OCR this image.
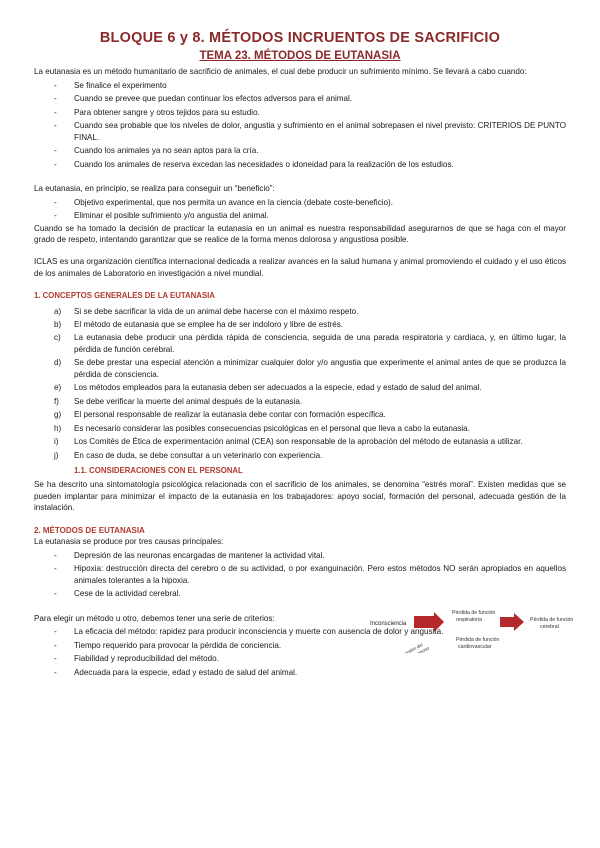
BLOQUE 6 y 8. MÉTODOS INCRUENTOS DE SACRIFICIO
TEMA 23. MÉTODOS DE EUTANASIA

La eutanasia es un método humanitario de sacrificio de animales, el cual debe producir un sufrimiento mínimo. Se llevará a cabo cuando:

- Se finalice el experimento
- Cuando se prevee que puedan continuar los efectos adversos para el animal.
- Para obtener sangre y otros tejidos para su estudio.
- Cuando sea probable que los niveles de dolor, angustia y sufrimiento en el animal sobrepasen el nivel previsto: CRITERIOS DE PUNTO FINAL.
- Cuando los animales ya no sean aptos para la cría.
- Cuando los animales de reserva excedan las necesidades o idoneidad para la realización de los estudios.

La eutanasia, en principio, se realiza para conseguir un “beneficio”:

- Objetivo experimental, que nos permita un avance en la ciencia (debate coste-beneficio).
- Eliminar el posible sufrimiento y/o angustia del animal.

Cuando se ha tomado la decisión de practicar la eutanasia en un animal es nuestra responsabilidad asegurarnos de que se haga con el mayor grado de respeto, intentando garantizar que se realice de la forma menos dolorosa y angustiosa posible.

ICLAS es una organización científica internacional dedicada a realizar avances en la salud humana y animal promoviendo el cuidado y el uso éticos de los animales de Laboratorio en investigación a nivel mundial.

1. CONCEPTOS GENERALES DE LA EUTANASIA
a) Si se debe sacrificar la vida de un animal debe hacerse con el máximo respeto.
b) El método de eutanasia que se emplee ha de ser indoloro y libre de estrés.
c) La eutanasia debe producir una pérdida rápida de consciencia, seguida de una parada respiratoria y cardiaca, y, en último lugar, la pérdida de función cerebral.
d) Se debe prestar una especial atención a minimizar cualquier dolor y/o angustia que experimente el animal antes de que se produzca la pérdida de consciencia.
e) Los métodos empleados para la eutanasia deben ser adecuados a la especie, edad y estado de salud del animal.
f) Se debe verificar la muerte del animal después de la eutanasia.
g) El personal responsable de realizar la eutanasia debe contar con formación específica.
h) Es necesario considerar las posibles consecuencias psicológicas en el personal que lleva a cabo la eutanasia.
i) Los Comités de Ética de experimentación animal (CEA) son responsable de la aprobación del método de eutanasia a utilizar.
j) En caso de duda, se debe consultar a un veterinario con experiencia.
1.1. CONSIDERACIONES CON EL PERSONAL

Se ha descrito una sintomatología psicológica relacionada con el sacrificio de los animales, se denomina “estrés moral”. Existen medidas que se pueden implantar para minimizar el impacto de la eutanasia en los trabajadores: apoyo social, formación del personal, adecuada gestión de la instalación.

2. MÉTODOS DE EUTANASIA

La eutanasia se produce por tres causas principales:

- Depresión de las neuronas encargadas de mantener la actividad vital.
- Hipoxia: destrucción directa del cerebro o de su actividad, o por exanguinación. Pero estos métodos NO serán apropiados en aquellos animales tolerantes a la hipoxia.
- Cese de la actividad cerebral.

Para elegir un método u otro, debemos tener una serie de criterios:

- La eficacia del método: rapidez para producir inconsciencia y muerte con ausencia de dolor y angustia.
- Tiempo requerido para provocar la pérdida de conciencia.
- Fiabilidad y reproducibilidad del método.
- Adecuada para la especie, edad y estado de salud del animal.
Inconsciencia
Pérdida de función
respiratoria	Pérdida de función
cerebral
Pérdida de función
cardiovascular
Depresión del
